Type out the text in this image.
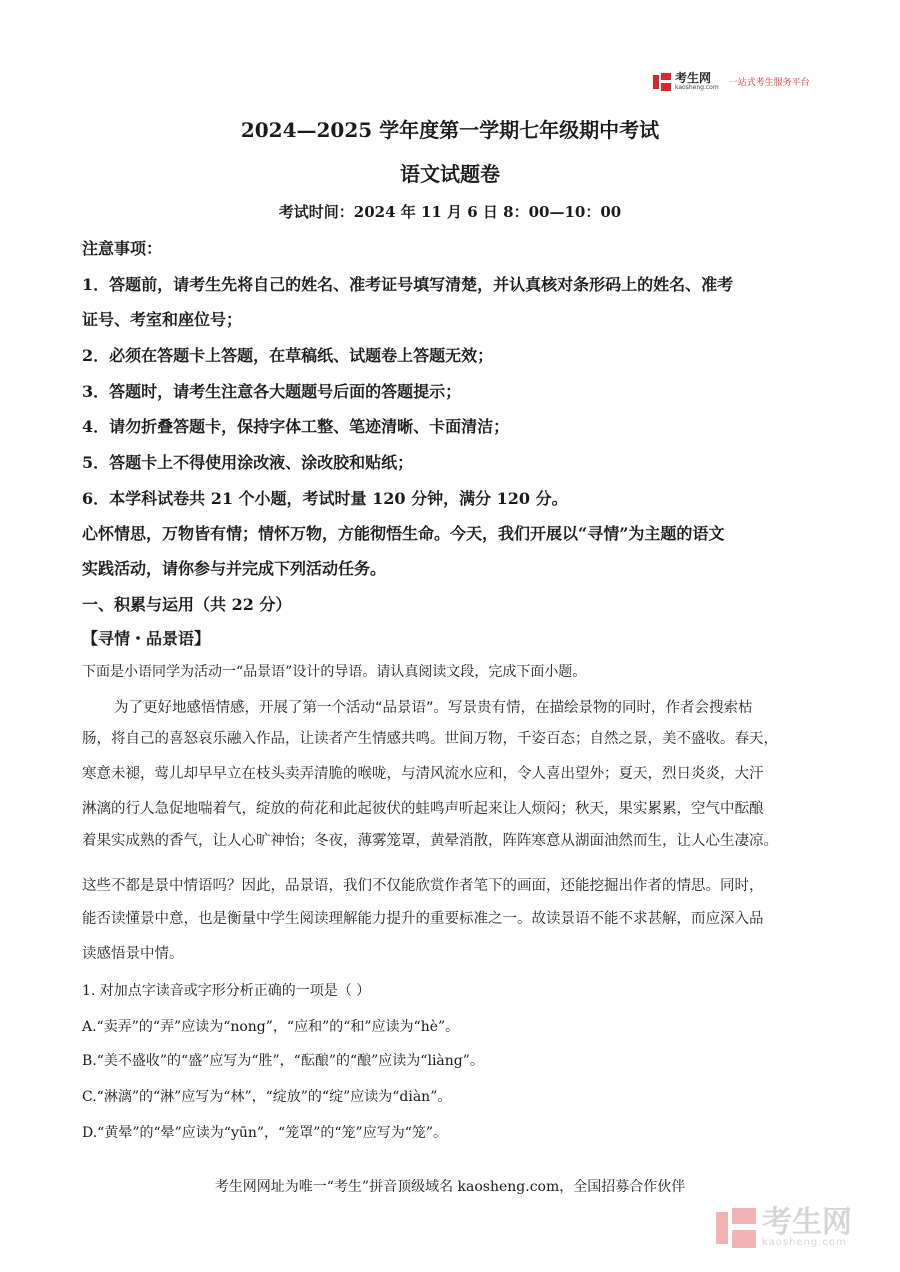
考生网
kaosheng.com 一站式考生服务平台
2024—2025 学年度第一学期七年级期中考试
语文试题卷
考试时间：2024 年 11 月 6 日 8：00—10：00
注意事项：
1．答题前，请考生先将自己的姓名、准考证号填写清楚，并认真核对条形码上的姓名、准考
证号、考室和座位号；
2．必须在答题卡上答题，在草稿纸、试题卷上答题无效；
3．答题时，请考生注意各大题题号后面的答题提示；
4．请勿折叠答题卡，保持字体工整、笔迹清晰、卡面清洁；
5．答题卡上不得使用涂改液、涂改胶和贴纸；
6．本学科试卷共 21 个小题，考试时量 120 分钟，满分 120 分。
心怀情思，万物皆有情；情怀万物，方能彻悟生命。今天，我们开展以“寻情”为主题的语文
实践活动，请你参与并完成下列活动任务。
一、积累与运用（共 22 分）
【寻情・品景语】
下面是小语同学为活动一“品景语”设计的导语。请认真阅读文段，完成下面小题。
为了更好地感悟情感，开展了第一个活动“品景语”。写景贵有情，在描绘景物的同时，作者会搜索枯
肠，将自己的喜怒哀乐融入作品，让读者产生情感共鸣。世间万物，千姿百态；自然之景，美不盛收。春天，
寒意未褪，莺儿却早早立在枝头卖弄清脆的喉咙，与清风流水应和，令人喜出望外；夏天，烈日炎炎，大汗
淋漓的行人急促地喘着气，绽放的荷花和此起彼伏的蛙鸣声听起来让人烦闷；秋天，果实累累，空气中酝酿
着果实成熟的香气，让人心旷神怡；冬夜，薄雾笼罩，黄晕消散，阵阵寒意从湖面油然而生，让人心生凄凉。
这些不都是景中情语吗？因此，品景语，我们不仅能欣赏作者笔下的画面，还能挖掘出作者的情思。同时，
能否读懂景中意，也是衡量中学生阅读理解能力提升的重要标准之一。故读景语不能不求甚解，而应深入品
读感悟景中情。
1. 对加点字读音或字形分析正确的一项是（ ）
A.“卖弄”的“弄”应读为“nong”，“应和”的“和”应读为“hè”。
B.“美不盛收”的“盛”应写为“胜”，“酝酿”的“酿”应读为“liàng”。
C.“淋漓”的“淋”应写为“林”，“绽放”的“绽”应读为“diàn”。
D.“黄晕”的“晕”应读为“yūn”，“笼罩”的“笼”应写为“笼”。
考生网网址为唯一“考生”拼音顶级域名 kaosheng.com，全国招募合作伙伴
考生网
kaosheng.com
